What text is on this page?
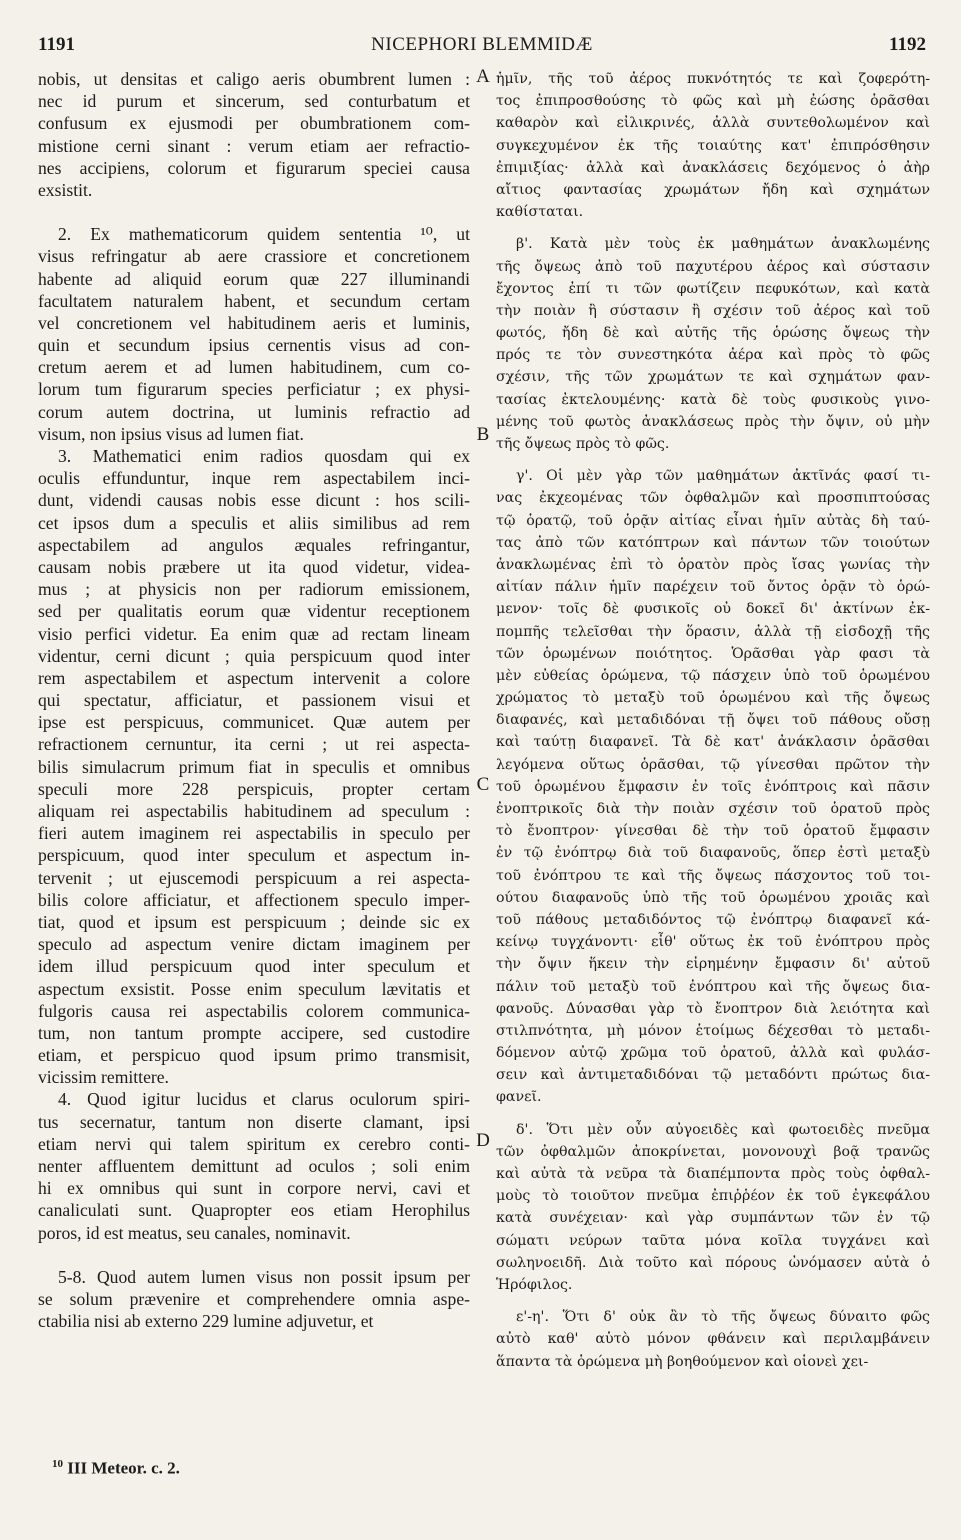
1191	NICEPHORI BLEMMIDÆ	1192
nobis, ut densitas et caligo aeris obumbrent lumen :
nec id purum et sincerum, sed conturbatum et
confusum ex ejusmodi per obumbrationem com-
mistione cerni sinant : verum etiam aer refractio-
nes accipiens, colorum et figurarum speciei causa
exsistit.
2. Ex mathematicorum quidem sententia ¹⁰, ut
visus refringatur ab aere crassiore et concretionem
habente ad aliquid eorum quæ 227 illuminandi
facultatem naturalem habent, et secundum certam
vel concretionem vel habitudinem aeris et luminis,
quin et secundum ipsius cernentis visus ad con-
cretum aerem et ad lumen habitudinem, cum co-
lorum tum figurarum species perficiatur ; ex physi-
corum autem doctrina, ut luminis refractio ad
visum, non ipsius visus ad lumen fiat.
3. Mathematici enim radios quosdam qui ex
oculis effunduntur, inque rem aspectabilem inci-
dunt, videndi causas nobis esse dicunt : hos scili-
cet ipsos dum a speculis et aliis similibus ad rem
aspectabilem ad angulos æquales refringantur,
causam nobis præbere ut ita quod videtur, videa-
mus ; at physicis non per radiorum emissionem,
sed per qualitatis eorum quæ videntur receptionem
visio perfici videtur. Ea enim quæ ad rectam lineam
videntur, cerni dicunt ; quia perspicuum quod inter
rem aspectabilem et aspectum intervenit a colore
qui spectatur, afficiatur, et passionem visui et
ipse est perspicuus, communicet. Quæ autem per
refractionem cernuntur, ita cerni ; ut rei aspecta-
bilis simulacrum primum fiat in speculis et omnibus
speculi more 228 perspicuis, propter certam
aliquam rei aspectabilis habitudinem ad speculum :
fieri autem imaginem rei aspectabilis in speculo per
perspicuum, quod inter speculum et aspectum in-
tervenit ; ut ejuscemodi perspicuum a rei aspecta-
bilis colore afficiatur, et affectionem speculo imper-
tiat, quod et ipsum est perspicuum ; deinde sic ex
speculo ad aspectum venire dictam imaginem per
idem illud perspicuum quod inter speculum et
aspectum exsistit. Posse enim speculum lævitatis et
fulgoris causa rei aspectabilis colorem communica-
tum, non tantum prompte accipere, sed custodire
etiam, et perspicuo quod ipsum primo transmisit,
vicissim remittere.
4. Quod igitur lucidus et clarus oculorum spiri-
tus secernatur, tantum non diserte clamant, ipsi
etiam nervi qui talem spiritum ex cerebro conti-
nenter affluentem demittunt ad oculos ; soli enim
hi ex omnibus qui sunt in corpore nervi, cavi et
canaliculati sunt. Quapropter eos etiam Herophilus
poros, id est meatus, seu canales, nominavit.
5-8. Quod autem lumen visus non possit ipsum per
se solum prævenire et comprehendere omnia aspe-
ctabilia nisi ab externo 229 lumine adjuvetur, et
ἡμῖν, τῆς τοῦ ἀέρος πυκνότητός τε καὶ ζοφερότη-
τος ἐπιπροσθούσης τὸ φῶς καὶ μὴ ἐώσης ὁρᾶσθαι
καθαρὸν καὶ εἰλικρινές, ἀλλὰ συντεθολωμένον καὶ
συγκεχυμένον ἐκ τῆς τοιαύτης κατ' ἐπιπρόσθησιν
ἐπιμιξίας· ἀλλὰ καὶ ἀνακλάσεις δεχόμενος ὁ ἀὴρ
αἴτιος φαντασίας χρωμάτων ἤδη καὶ σχημάτων
καθίσταται.
β'. Κατὰ μὲν τοὺς ἐκ μαθημάτων ἀνακλωμένης
τῆς ὄψεως ἀπὸ τοῦ παχυτέρου ἀέρος καὶ σύστασιν
ἔχοντος ἐπί τι τῶν φωτίζειν πεφυκότων, καὶ κατὰ
τὴν ποιὰν ἢ σύστασιν ἢ σχέσιν τοῦ ἀέρος καὶ τοῦ
φωτός, ἤδη δὲ καὶ αὐτῆς τῆς ὁρώσης ὄψεως τὴν
πρός τε τὸν συνεστηκότα ἀέρα καὶ πρὸς τὸ φῶς
σχέσιν, τῆς τῶν χρωμάτων τε καὶ σχημάτων φαν-
τασίας ἐκτελουμένης· κατὰ δὲ τοὺς φυσικοὺς γινο-
μένης τοῦ φωτὸς ἀνακλάσεως πρὸς τὴν ὄψιν, οὐ μὴν
τῆς ὄψεως πρὸς τὸ φῶς.
γ'. Οἱ μὲν γὰρ τῶν μαθημάτων ἀκτῖνάς φασί τι-
νας ἐκχεομένας τῶν ὀφθαλμῶν καὶ προσπιπτούσας
τῷ ὁρατῷ, τοῦ ὁρᾷν αἰτίας εἶναι ἡμῖν αὐτὰς δὴ ταύ-
τας ἀπὸ τῶν κατόπτρων καὶ πάντων τῶν τοιούτων
ἀνακλωμένας ἐπὶ τὸ ὁρατὸν πρὸς ἴσας γωνίας τὴν
αἰτίαν πάλιν ἡμῖν παρέχειν τοῦ ὄντος ὁρᾷν τὸ ὁρώ-
μενον· τοῖς δὲ φυσικοῖς οὐ δοκεῖ δι' ἀκτίνων ἐκ-
πομπῆς τελεῖσθαι τὴν ὅρασιν, ἀλλὰ τῇ εἰσδοχῇ τῆς
τῶν ὁρωμένων ποιότητος. Ὁρᾶσθαι γὰρ φασι τὰ
μὲν εὐθείας ὁρώμενα, τῷ πάσχειν ὑπὸ τοῦ ὁρωμένου
χρώματος τὸ μεταξὺ τοῦ ὁρωμένου καὶ τῆς ὄψεως
διαφανές, καὶ μεταδιδόναι τῇ ὄψει τοῦ πάθους οὔσῃ
καὶ ταύτῃ διαφανεῖ. Τὰ δὲ κατ' ἀνάκλασιν ὁρᾶσθαι
λεγόμενα οὕτως ὁρᾶσθαι, τῷ γίνεσθαι πρῶτον τὴν
τοῦ ὁρωμένου ἔμφασιν ἐν τοῖς ἐνόπτροις καὶ πᾶσιν
ἐνοπτρικοῖς διὰ τὴν ποιὰν σχέσιν τοῦ ὁρατοῦ πρὸς
τὸ ἔνοπτρον· γίνεσθαι δὲ τὴν τοῦ ὁρατοῦ ἔμφασιν
ἐν τῷ ἐνόπτρῳ διὰ τοῦ διαφανοῦς, ὅπερ ἐστὶ μεταξὺ
τοῦ ἐνόπτρου τε καὶ τῆς ὄψεως πάσχοντος τοῦ τοι-
ούτου διαφανοῦς ὑπὸ τῆς τοῦ ὁρωμένου χροιᾶς καὶ
τοῦ πάθους μεταδιδόντος τῷ ἐνόπτρῳ διαφανεῖ κά-
κείνῳ τυγχάνοντι· εἶθ' οὕτως ἐκ τοῦ ἐνόπτρου πρὸς
τὴν ὄψιν ἥκειν τὴν εἰρημένην ἔμφασιν δι' αὐτοῦ
πάλιν τοῦ μεταξὺ τοῦ ἐνόπτρου καὶ τῆς ὄψεως δια-
φανοῦς. Δύνασθαι γὰρ τὸ ἔνοπτρον διὰ λειότητα καὶ
στιλπνότητα, μὴ μόνον ἑτοίμως δέχεσθαι τὸ μεταδι-
δόμενον αὐτῷ χρῶμα τοῦ ὁρατοῦ, ἀλλὰ καὶ φυλάσ-
σειν καὶ ἀντιμεταδιδόναι τῷ μεταδόντι πρώτως δια-
φανεῖ.
δ'. Ὅτι μὲν οὖν αὐγοειδὲς καὶ φωτοειδὲς πνεῦμα
τῶν ὀφθαλμῶν ἀποκρίνεται, μονονουχὶ βοᾷ τρανῶς
καὶ αὐτὰ τὰ νεῦρα τὰ διαπέμποντα πρὸς τοὺς ὀφθαλ-
μοὺς τὸ τοιοῦτον πνεῦμα ἐπιῤῥέον ἐκ τοῦ ἐγκεφάλου
κατὰ συνέχειαν· καὶ γὰρ συμπάντων τῶν ἐν τῷ
σώματι νεύρων ταῦτα μόνα κοῖλα τυγχάνει καὶ
σωληνοειδῆ. Διὰ τοῦτο καὶ πόρους ὠνόμασεν αὐτὰ ὁ
Ἡρόφιλος.
ε'-η'. Ὅτι δ' οὐκ ἂν τὸ τῆς ὄψεως δύναιτο φῶς
αὐτὸ καθ' αὑτὸ μόνον φθάνειν καὶ περιλαμβάνειν
ἅπαντα τὰ ὁρώμενα μὴ βοηθούμενον καὶ οἱονεὶ χει-
A
B
C
D
$^{10}$ III Meteor. c. 2.
